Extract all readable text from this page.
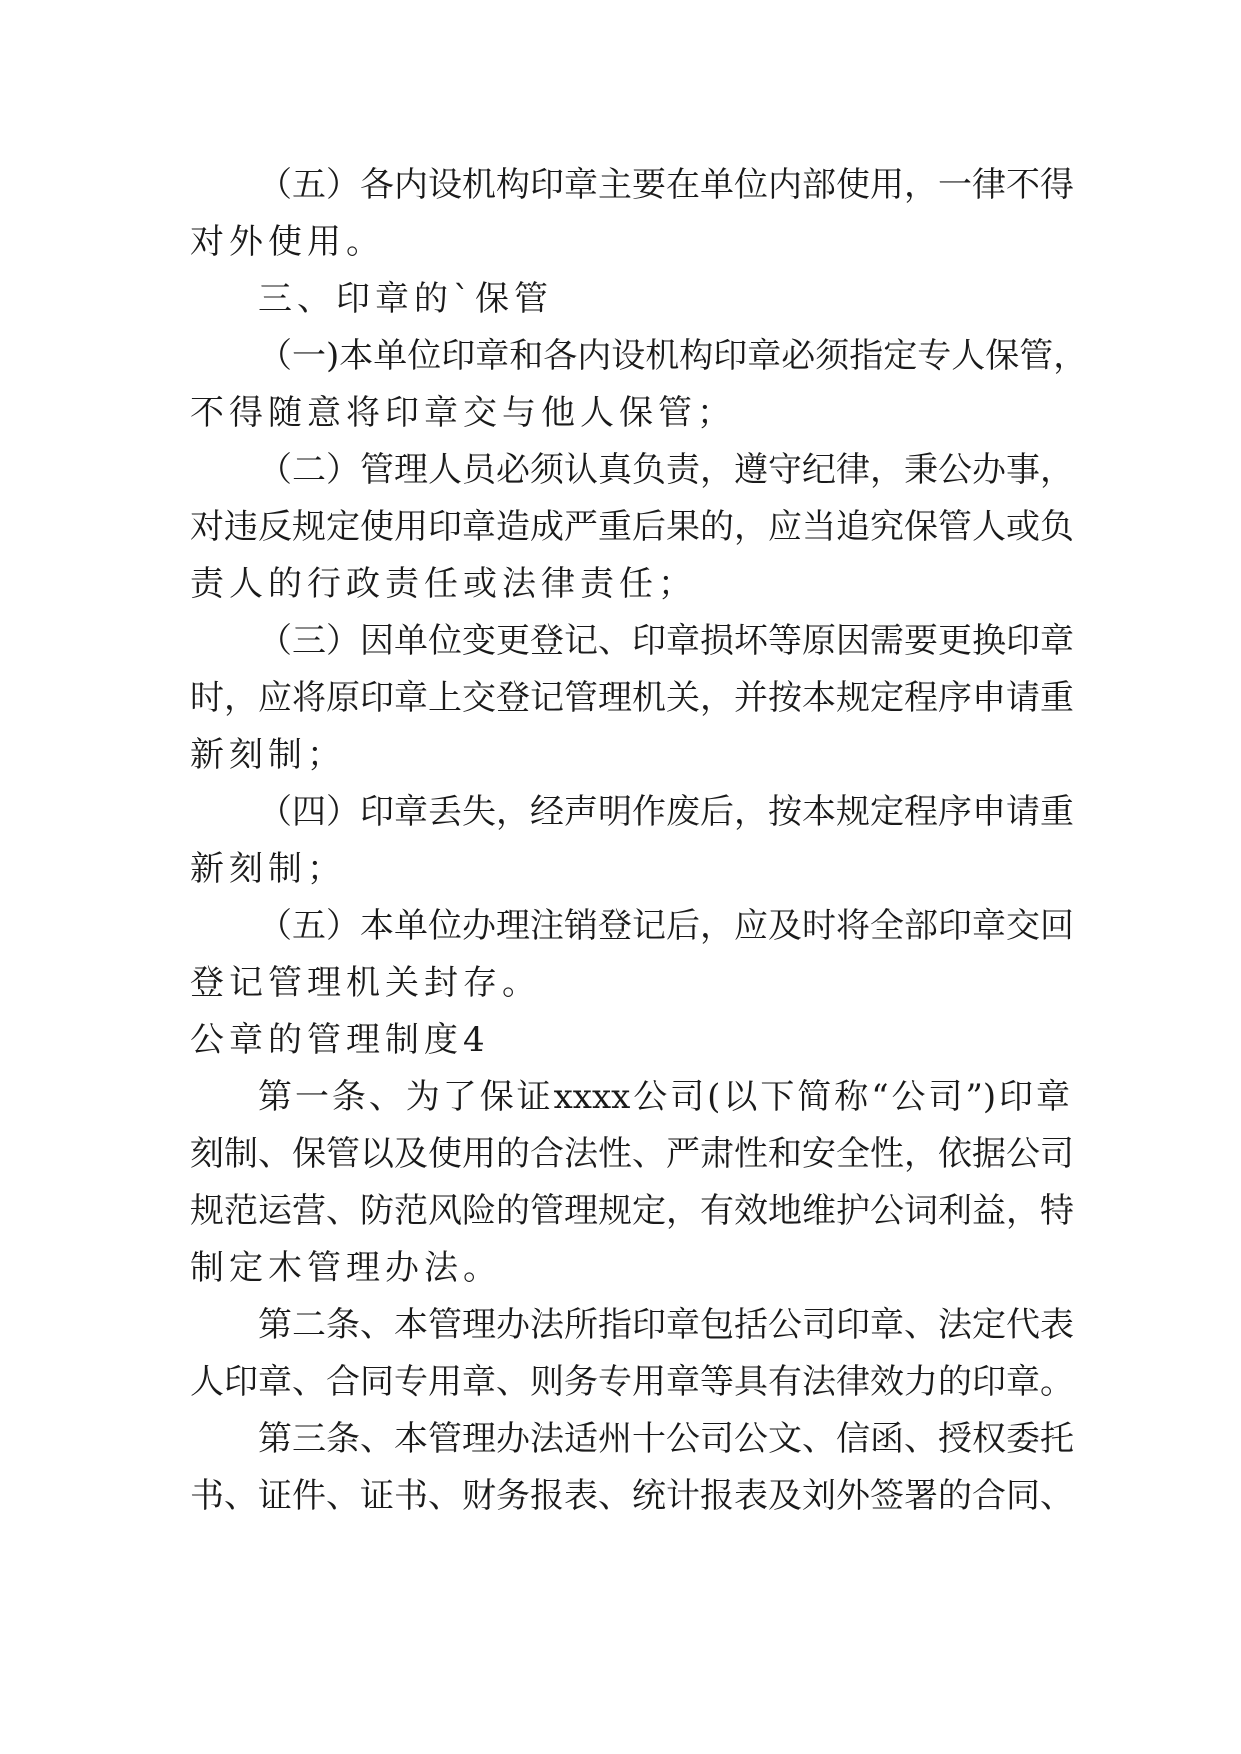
（五）各内设机构印章主要在单位内部使用，一律不得
对外使用。
三、印章的`保管
（一)本单位印章和各内设机构印章必须指定专人保管，
不得随意将印章交与他人保管；
（二）管理人员必须认真负责，遵守纪律，秉公办事，
对违反规定使用印章造成严重后果的，应当追究保管人或负
责人的行政责任或法律责任；
（三）因单位变更登记、印章损坏等原因需要更换印章
时，应将原印章上交登记管理机关，并按本规定程序申请重
新刻制；
（四）印章丢失，经声明作废后，按本规定程序申请重
新刻制；
（五）本单位办理注销登记后，应及时将全部印章交回
登记管理机关封存。
公章的管理制度4
第一条、为了保证xxxx公司(以下简称“公司”)印章
刻制、保管以及使用的合法性、严肃性和安全性，依据公司
规范运营、防范风险的管理规定，有效地维护公词利益，特
制定木管理办法。
第二条、本管理办法所指印章包括公司印章、法定代表
人印章、合同专用章、则务专用章等具有法律效力的印章。
第三条、本管理办法适州十公司公文、信函、授权委托
书、证件、证书、财务报表、统计报表及刘外签署的合同、
